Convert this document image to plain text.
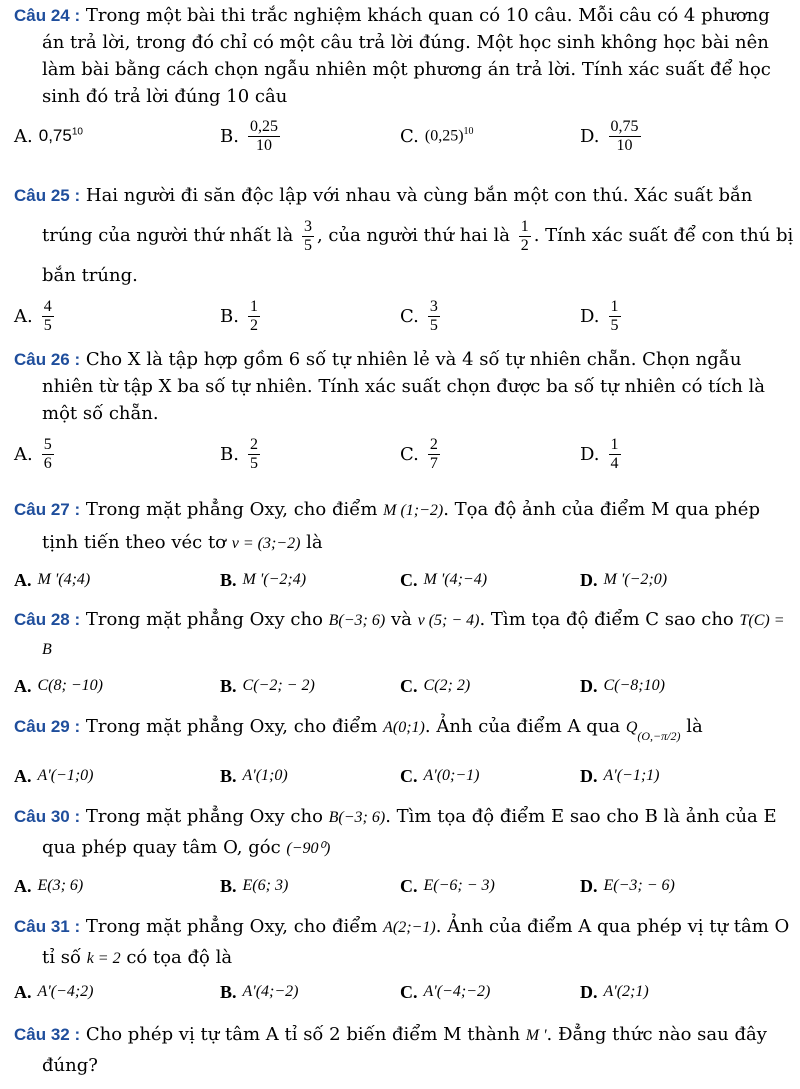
Câu 24 : Trong một bài thi trắc nghiệm khách quan có 10 câu. Mỗi câu có 4 phương án trả lời, trong đó chỉ có một câu trả lời đúng. Một học sinh không học bài nên làm bài bằng cách chọn ngẫu nhiên một phương án trả lời. Tính xác suất để học sinh đó trả lời đúng 10 câu
A. 0,75$^{10}$	B. $\frac{0,25}{10}$	C. $(0,25)^{10}$	D. $\frac{0,75}{10}$
Câu 25 : Hai người đi săn độc lập với nhau và cùng bắn một con thú. Xác suất bắn trúng của người thứ nhất là $\frac{3}{5}$ , của người thứ hai là $\frac{1}{2}$ . Tính xác suất để con thú bị bắn trúng.
A. $\frac{4}{5}$	B. $\frac{1}{2}$	C. $\frac{3}{5}$	D. $\frac{1}{5}$
Câu 26 : Cho X là tập hợp gồm 6 số tự nhiên lẻ và 4 số tự nhiên chẵn. Chọn ngẫu nhiên từ tập X ba số tự nhiên. Tính xác suất chọn được ba số tự nhiên có tích là một số chẵn.
A. $\frac{5}{6}$	B. $\frac{2}{5}$	C. $\frac{2}{7}$	D. $\frac{1}{4}$
Câu 27 : Trong mặt phẳng Oxy, cho điểm M (1;−2). Tọa độ ảnh của điểm M qua phép tịnh tiến theo véc tơ v = (3;−2) là
A. M '(4;4)	B. M '(−2;4)	C. M '(4;−4)	D. M '(−2;0)
Câu 28 : Trong mặt phẳng Oxy cho B(−3; 6) và v (5; − 4). Tìm tọa độ điểm C sao cho T(C) = B
A. C(8; −10)	B. C(−2; − 2)	C. C(2; 2)	D. C(−8;10)
Câu 29 : Trong mặt phẳng Oxy, cho điểm A(0;1). Ảnh của điểm A qua $Q_{(O,-\pi/2)}$ là
A. A'(−1;0)	B. A'(1;0)	C. A'(0;−1)	D. A'(−1;1)
Câu 30 : Trong mặt phẳng Oxy cho B(−3; 6). Tìm tọa độ điểm E sao cho B là ảnh của E qua phép quay tâm O, góc (−90⁰)
A. E(3; 6)	B. E(6; 3)	C. E(−6; − 3)	D. E(−3; − 6)
Câu 31 : Trong mặt phẳng Oxy, cho điểm A(2;−1). Ảnh của điểm A qua phép vị tự tâm O tỉ số k = 2 có tọa độ là
A. A'(−4;2)	B. A'(4;−2)	C. A'(−4;−2)	D. A'(2;1)
Câu 32 : Cho phép vị tự tâm A tỉ số 2 biến điểm M thành M '. Đẳng thức nào sau đây đúng?
